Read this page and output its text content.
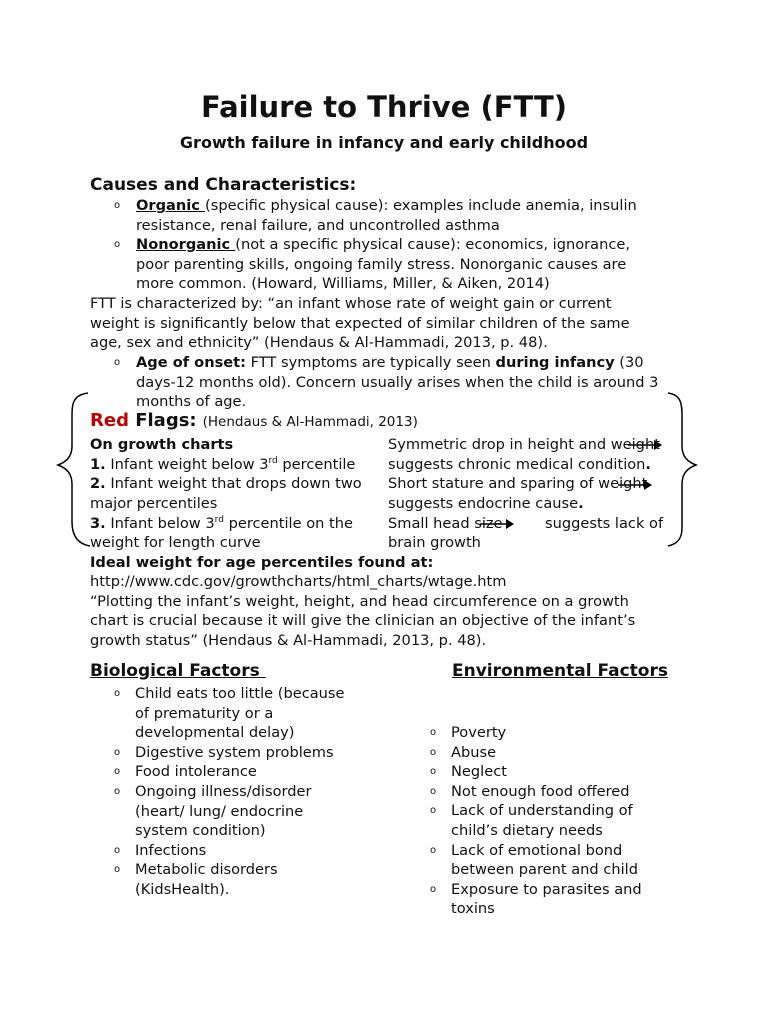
Failure to Thrive (FTT)
Growth failure in infancy and early childhood
Causes and Characteristics:
o Organic (specific physical cause): examples include anemia, insulin
resistance, renal failure, and uncontrolled asthma
o Nonorganic (not a specific physical cause): economics, ignorance,
poor parenting skills, ongoing family stress. Nonorganic causes are
more common. (Howard, Williams, Miller, & Aiken, 2014)
FTT is characterized by: “an infant whose rate of weight gain or current
weight is significantly below that expected of similar children of the same
age, sex and ethnicity” (Hendaus & Al-Hammadi, 2013, p. 48).
o Age of onset: FTT symptoms are typically seen during infancy (30
days-12 months old). Concern usually arises when the child is around 3
months of age.
Red Flags: (Hendaus & Al-Hammadi, 2013)
On growth charts
1. Infant weight below 3rd percentile
2. Infant weight that drops down two
major percentiles
3. Infant below 3rd percentile on the
weight for length curve
Symmetric drop in height and weight
suggests chronic medical condition.
Short stature and sparing of weight
suggests endocrine cause.
Small head size	suggests lack of
brain growth
Ideal weight for age percentiles found at:
http://www.cdc.gov/growthcharts/html_charts/wtage.htm
“Plotting the infant’s weight, height, and head circumference on a growth
chart is crucial because it will give the clinician an objective of the infant’s
growth status” (Hendaus & Al-Hammadi, 2013, p. 48).
Biological Factors
o Child eats too little (because
of prematurity or a
developmental delay)
o Digestive system problems
o Food intolerance
o Ongoing illness/disorder
(heart/ lung/ endocrine
system condition)
o Infections
o Metabolic disorders
(KidsHealth).
Environmental Factors
o Poverty
o Abuse
o Neglect
o Not enough food offered
o Lack of understanding of
child’s dietary needs
o Lack of emotional bond
between parent and child
o Exposure to parasites and
toxins
